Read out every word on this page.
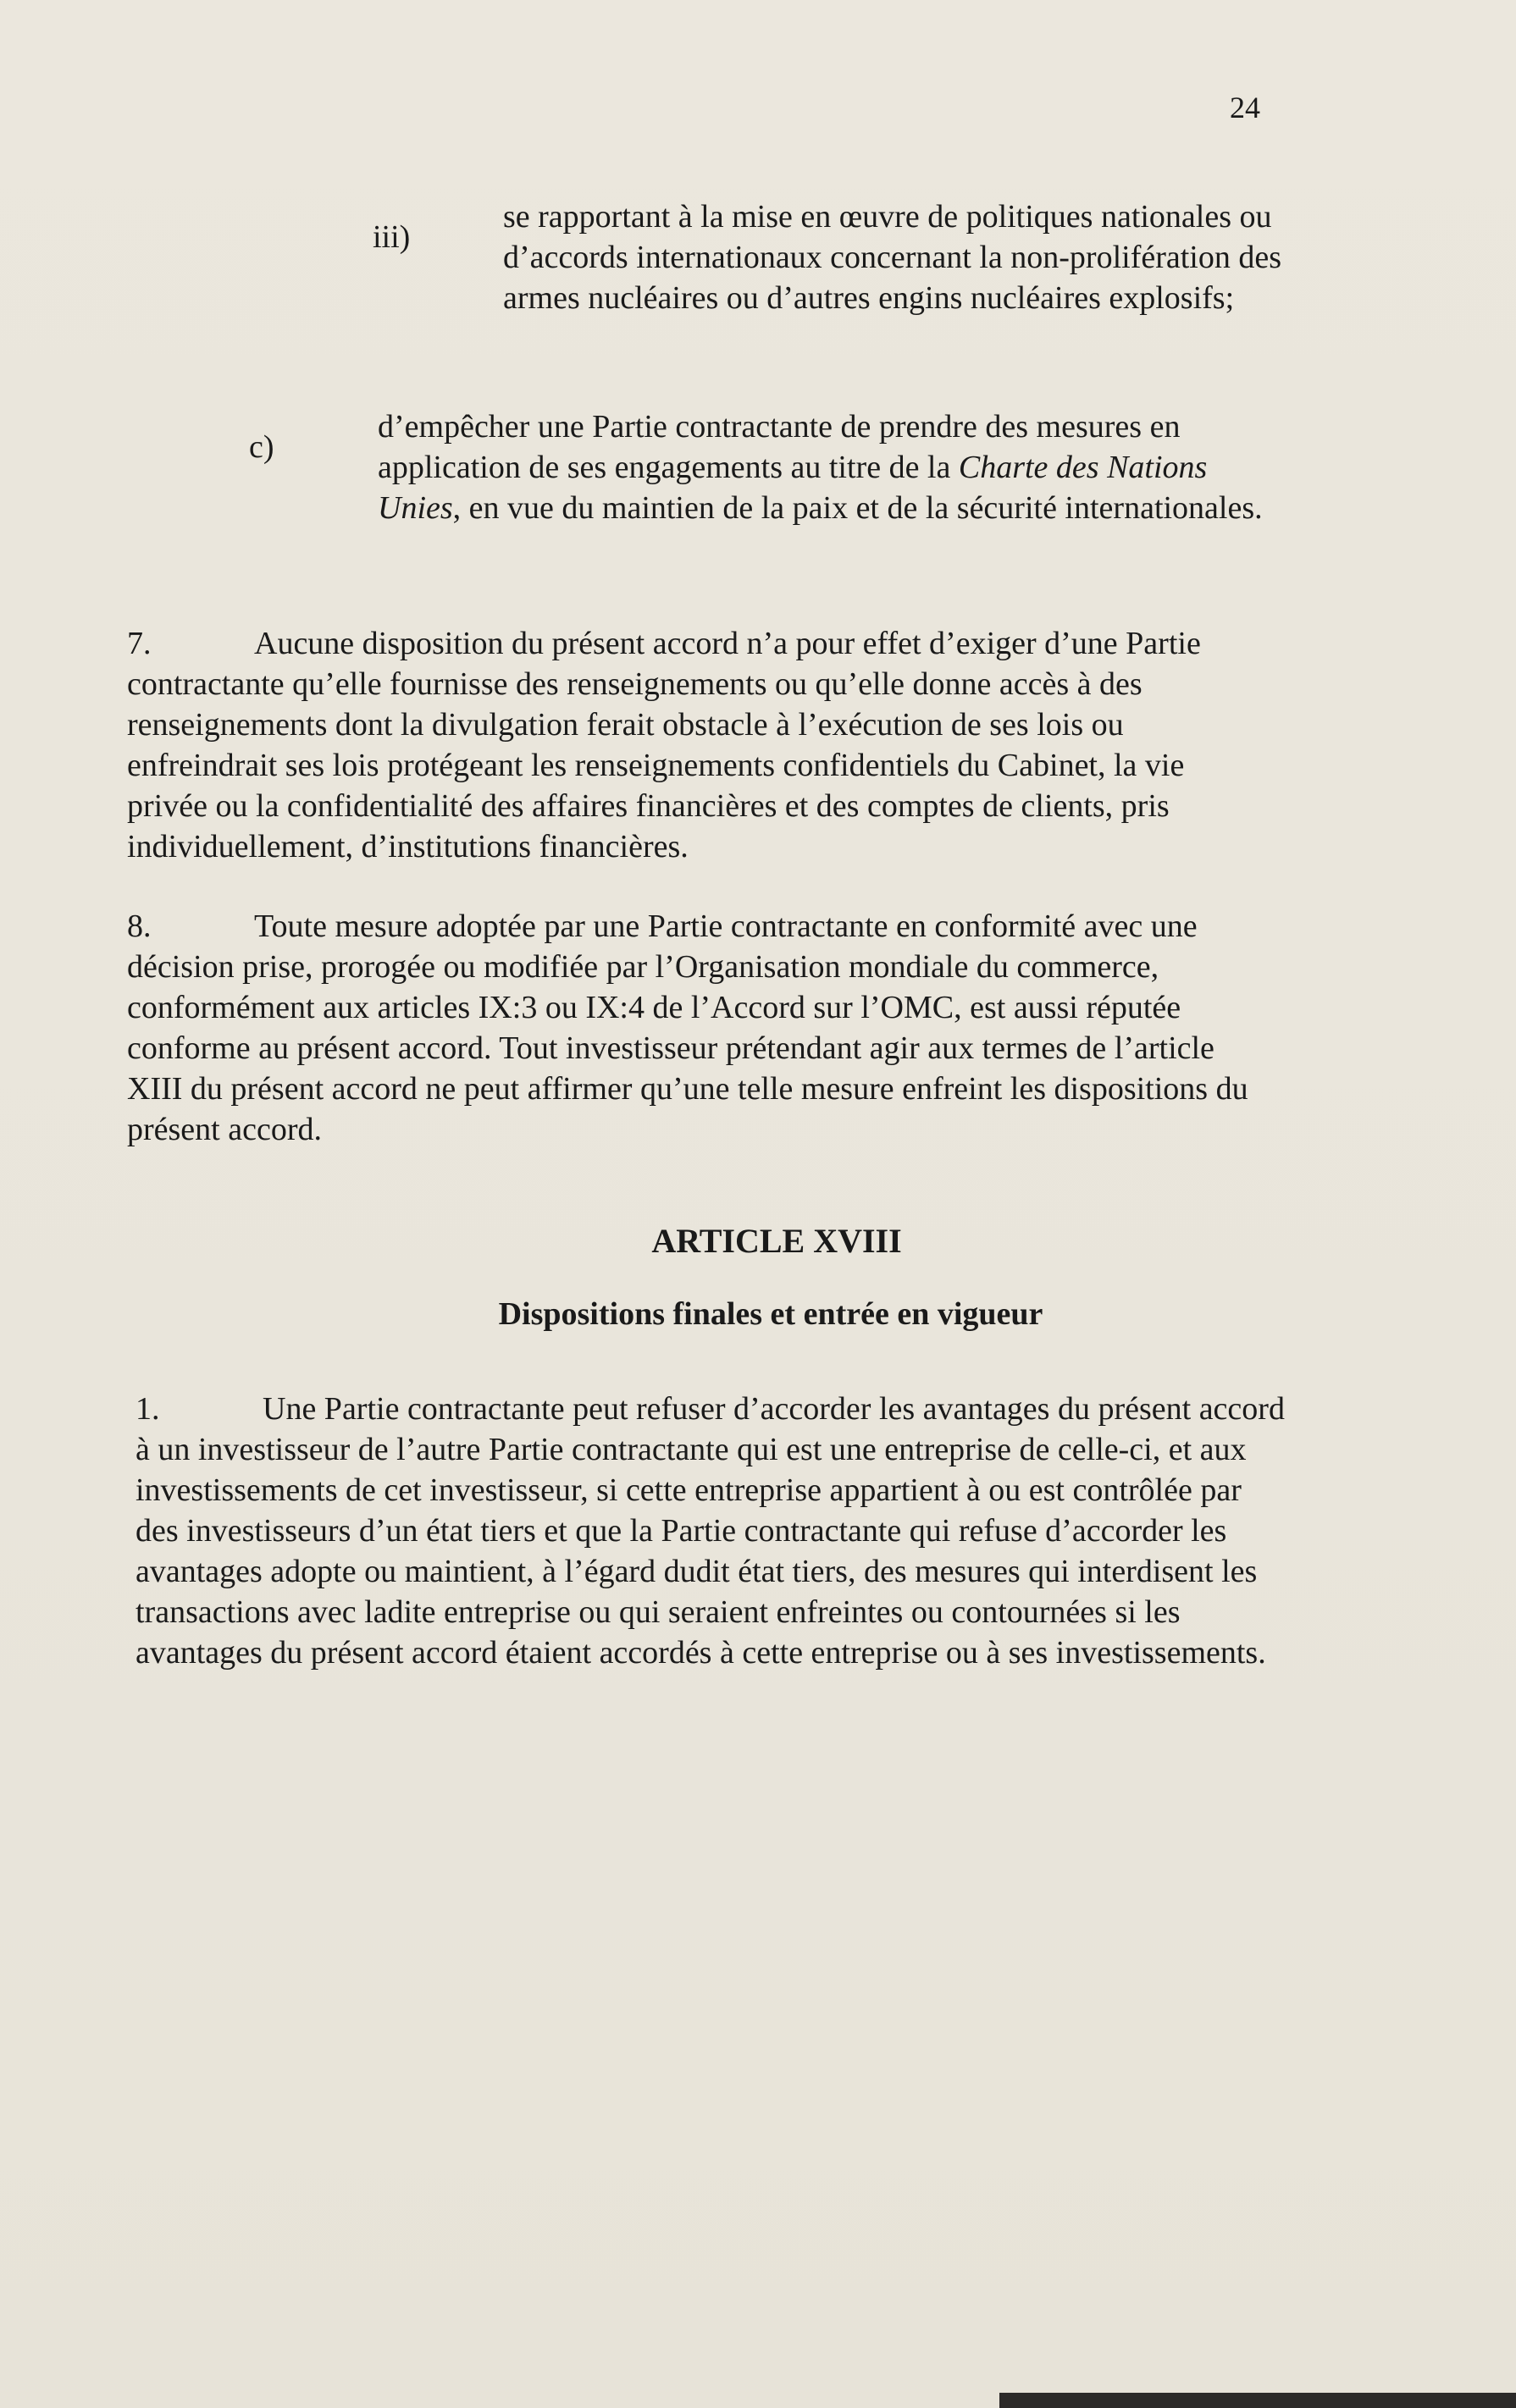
24
iii)
se rapportant à la mise en œuvre de politiques nationales ou d’accords internationaux concernant la non-prolifération des armes nucléaires ou d’autres engins nucléaires explosifs;
c)
d’empêcher une Partie contractante de prendre des mesures en application de ses engagements au titre de la Charte des Nations Unies, en vue du maintien de la paix et de la sécurité internationales.
7.	Aucune disposition du présent accord n’a pour effet d’exiger d’une Partie contractante qu’elle fournisse des renseignements ou qu’elle donne accès à des renseignements dont la divulgation ferait obstacle à l’exécution de ses lois ou enfreindrait ses lois protégeant les renseignements confidentiels du Cabinet, la vie privée ou la confidentialité des affaires financières et des comptes de clients, pris individuellement, d’institutions financières.
8.	Toute mesure adoptée par une Partie contractante en conformité avec une décision prise, prorogée ou modifiée par l’Organisation mondiale du commerce, conformément aux articles IX:3 ou IX:4 de l’Accord sur l’OMC, est aussi réputée conforme au présent accord. Tout investisseur prétendant agir aux termes de l’article XIII du présent accord ne peut affirmer qu’une telle mesure enfreint les dispositions du présent accord.
ARTICLE XVIII
Dispositions finales et entrée en vigueur
1.	Une Partie contractante peut refuser d’accorder les avantages du présent accord à un investisseur de l’autre Partie contractante qui est une entreprise de celle-ci, et aux investissements de cet investisseur, si cette entreprise appartient à ou est contrôlée par des investisseurs d’un état tiers et que la Partie contractante qui refuse d’accorder les avantages adopte ou maintient, à l’égard dudit état tiers, des mesures qui interdisent les transactions avec ladite entreprise ou qui seraient enfreintes ou contournées si les avantages du présent accord étaient accordés à cette entreprise ou à ses investissements.
